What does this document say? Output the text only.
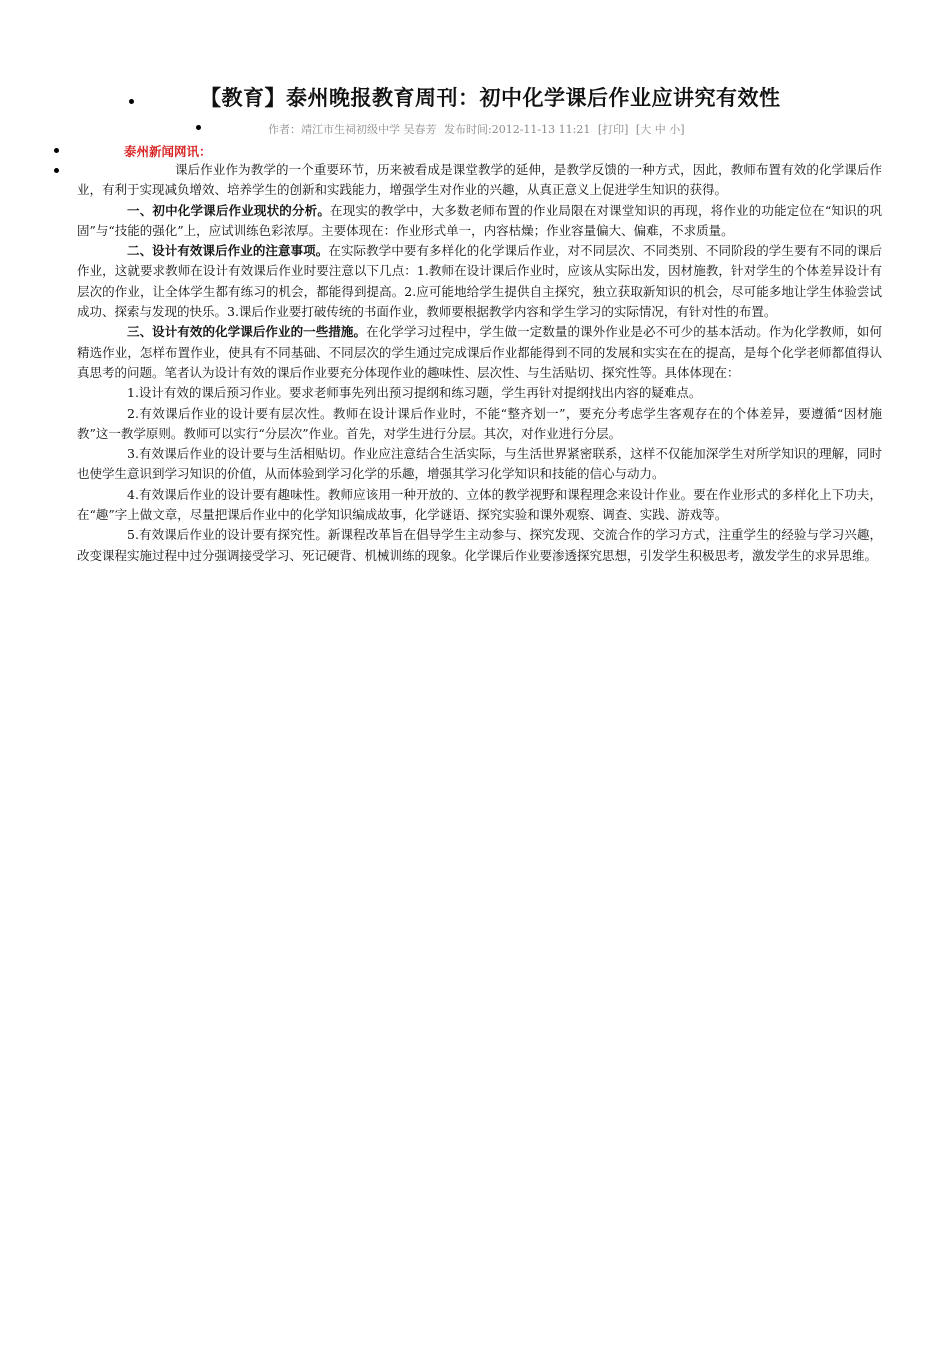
【教育】泰州晚报教育周刊：初中化学课后作业应讲究有效性
作者：靖江市生祠初级中学 吴春芳 发布时间:2012-11-13 11:21 [打印] [大 中 小]
泰州新闻网讯：

课后作业作为教学的一个重要环节，历来被看成是课堂教学的延伸，是教学反馈的一种方式，因此，教师布置有效的化学课后作业，有利于实现减负增效、培养学生的创新和实践能力，增强学生对作业的兴趣，从真正意义上促进学生知识的获得。

一、初中化学课后作业现状的分析。在现实的教学中，大多数老师布置的作业局限在对课堂知识的再现，将作业的功能定位在“知识的巩固”与“技能的强化”上，应试训练色彩浓厚。主要体现在：作业形式单一，内容枯燥；作业容量偏大、偏难，不求质量。

二、设计有效课后作业的注意事项。在实际教学中要有多样化的化学课后作业，对不同层次、不同类别、不同阶段的学生要有不同的课后作业，这就要求教师在设计有效课后作业时要注意以下几点：1.教师在设计课后作业时，应该从实际出发，因材施教，针对学生的个体差异设计有层次的作业，让全体学生都有练习的机会，都能得到提高。2.应可能地给学生提供自主探究，独立获取新知识的机会，尽可能多地让学生体验尝试成功、探索与发现的快乐。3.课后作业要打破传统的书面作业，教师要根据教学内容和学生学习的实际情况，有针对性的布置。

三、设计有效的化学课后作业的一些措施。在化学学习过程中，学生做一定数量的课外作业是必不可少的基本活动。作为化学教师，如何精选作业，怎样布置作业，使具有不同基础、不同层次的学生通过完成课后作业都能得到不同的发展和实实在在的提高，是每个化学老师都值得认真思考的问题。笔者认为设计有效的课后作业要充分体现作业的趣味性、层次性、与生活贴切、探究性等。具体体现在：

1.设计有效的课后预习作业。要求老师事先列出预习提纲和练习题，学生再针对提纲找出内容的疑难点。

2.有效课后作业的设计要有层次性。教师在设计课后作业时，不能“整齐划一”，要充分考虑学生客观存在的个体差异，要遵循“因材施教”这一教学原则。教师可以实行“分层次”作业。首先，对学生进行分层。其次，对作业进行分层。

3.有效课后作业的设计要与生活相贴切。作业应注意结合生活实际，与生活世界紧密联系，这样不仅能加深学生对所学知识的理解，同时也使学生意识到学习知识的价值，从而体验到学习化学的乐趣，增强其学习化学知识和技能的信心与动力。

4.有效课后作业的设计要有趣味性。教师应该用一种开放的、立体的教学视野和课程理念来设计作业。要在作业形式的多样化上下功夫，在“趣”字上做文章，尽量把课后作业中的化学知识编成故事，化学谜语、探究实验和课外观察、调查、实践、游戏等。

5.有效课后作业的设计要有探究性。新课程改革旨在倡导学生主动参与、探究发现、交流合作的学习方式，注重学生的经验与学习兴趣，改变课程实施过程中过分强调接受学习、死记硬背、机械训练的现象。化学课后作业要渗透探究思想，引发学生积极思考，激发学生的求异思维。
